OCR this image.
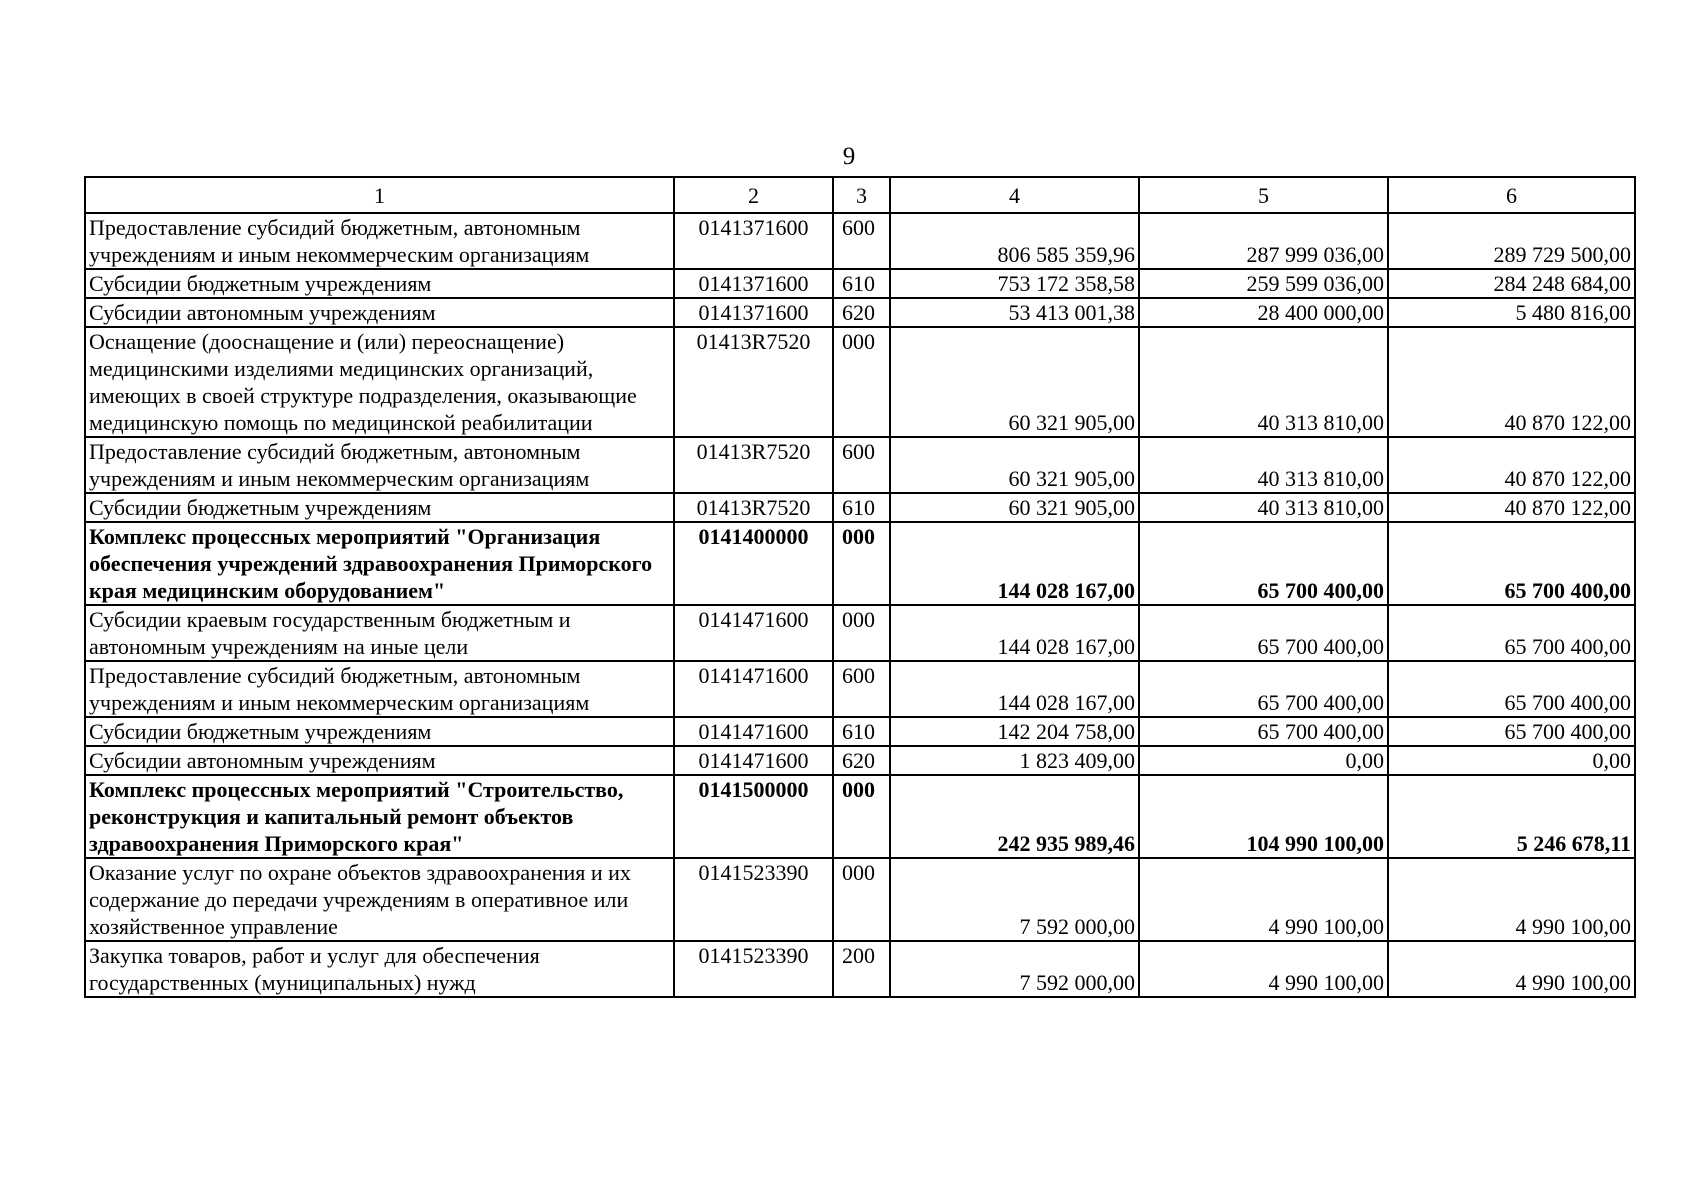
9
1	2	3	4	5	6
Предоставление субсидий бюджетным, автономным учреждениям и иным некоммерческим организациям	0141371600	600	806 585 359,96	287 999 036,00	289 729 500,00
Субсидии бюджетным учреждениям	0141371600	610	753 172 358,58	259 599 036,00	284 248 684,00
Субсидии автономным учреждениям	0141371600	620	53 413 001,38	28 400 000,00	5 480 816,00
Оснащение (дооснащение и (или) переоснащение) медицинскими изделиями медицинских организаций, имеющих в своей структуре подразделения, оказывающие медицинскую помощь по медицинской реабилитации	01413R7520	000	60 321 905,00	40 313 810,00	40 870 122,00
Предоставление субсидий бюджетным, автономным учреждениям и иным некоммерческим организациям	01413R7520	600	60 321 905,00	40 313 810,00	40 870 122,00
Субсидии бюджетным учреждениям	01413R7520	610	60 321 905,00	40 313 810,00	40 870 122,00
Комплекс процессных мероприятий "Организация обеспечения учреждений здравоохранения Приморского края медицинским оборудованием"	0141400000	000	144 028 167,00	65 700 400,00	65 700 400,00
Субсидии краевым государственным бюджетным и автономным учреждениям на иные цели	0141471600	000	144 028 167,00	65 700 400,00	65 700 400,00
Предоставление субсидий бюджетным, автономным учреждениям и иным некоммерческим организациям	0141471600	600	144 028 167,00	65 700 400,00	65 700 400,00
Субсидии бюджетным учреждениям	0141471600	610	142 204 758,00	65 700 400,00	65 700 400,00
Субсидии автономным учреждениям	0141471600	620	1 823 409,00	0,00	0,00
Комплекс процессных мероприятий "Строительство, реконструкция и капитальный ремонт объектов здравоохранения Приморского края"	0141500000	000	242 935 989,46	104 990 100,00	5 246 678,11
Оказание услуг по охране объектов здравоохранения и их содержание до передачи учреждениям в оперативное или хозяйственное управление	0141523390	000	7 592 000,00	4 990 100,00	4 990 100,00
Закупка товаров, работ и услуг для обеспечения государственных (муниципальных) нужд	0141523390	200	7 592 000,00	4 990 100,00	4 990 100,00
